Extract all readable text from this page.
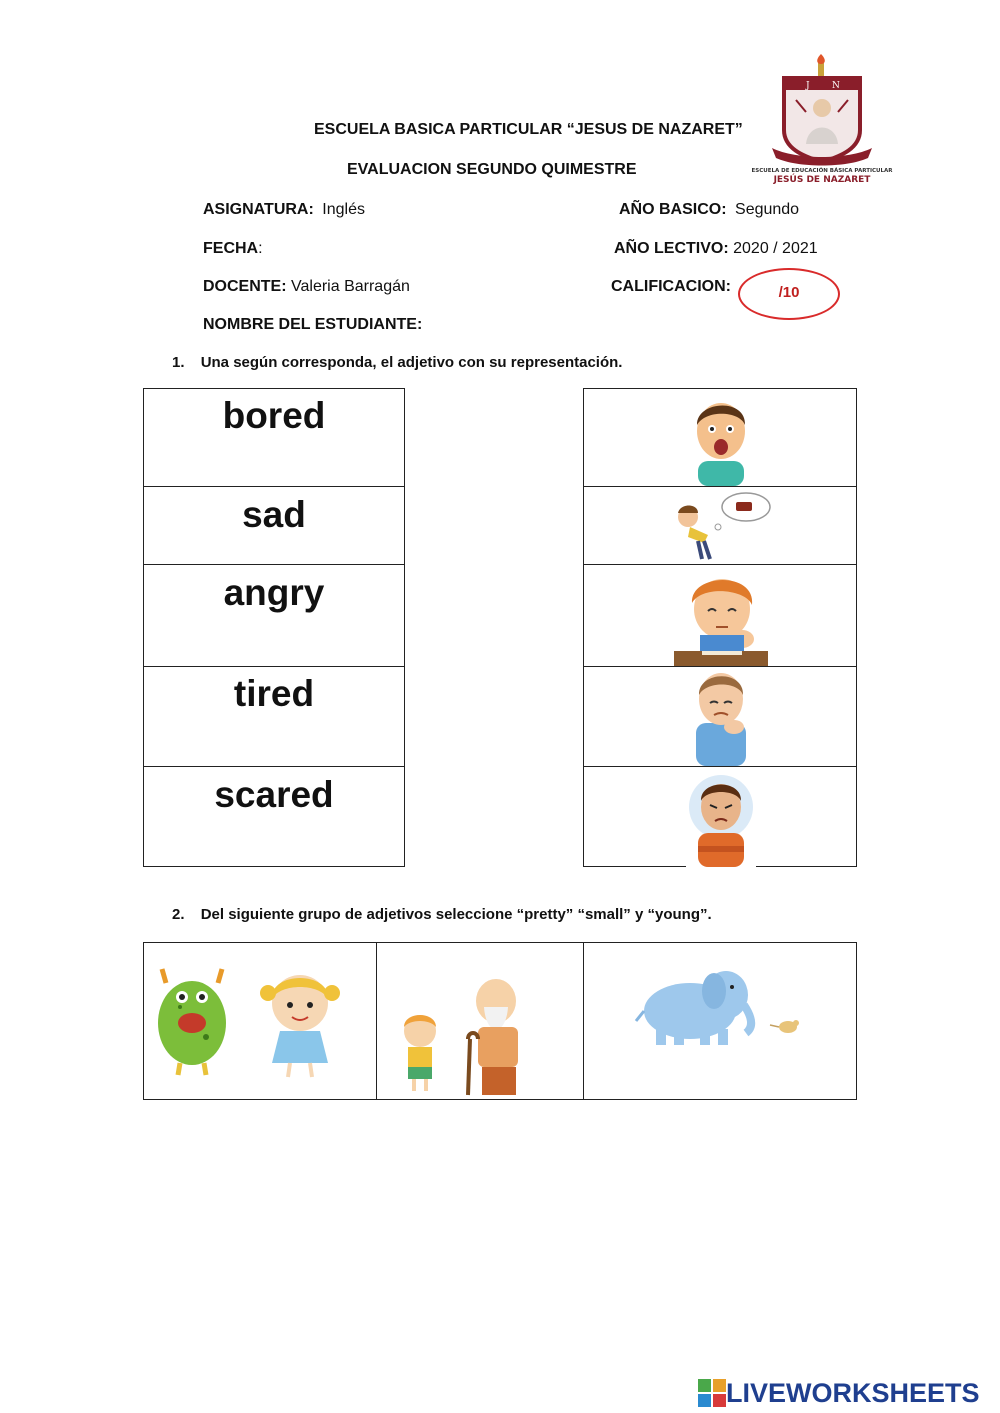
ESCUELA BASICA PARTICULAR “JESUS DE NAZARET”
EVALUACION SEGUNDO QUIMESTRE
J N
ESCUELA DE EDUCACIÓN BÁSICA PARTICULAR
JESÚS DE NAZARET
ASIGNATURA: Inglés	AÑO BASICO: Segundo
FECHA:	AÑO LECTIVO: 2020 / 2021
DOCENTE: Valeria Barragán	CALIFICACION:	/10
NOMBRE DEL ESTUDIANTE:
1. Una según corresponda, el adjetivo con su representación.
bored
sad
angry
tired
scared
2. Del siguiente grupo de adjetivos seleccione “pretty” “small” y “young”.
LIVEWORKSHEETS
